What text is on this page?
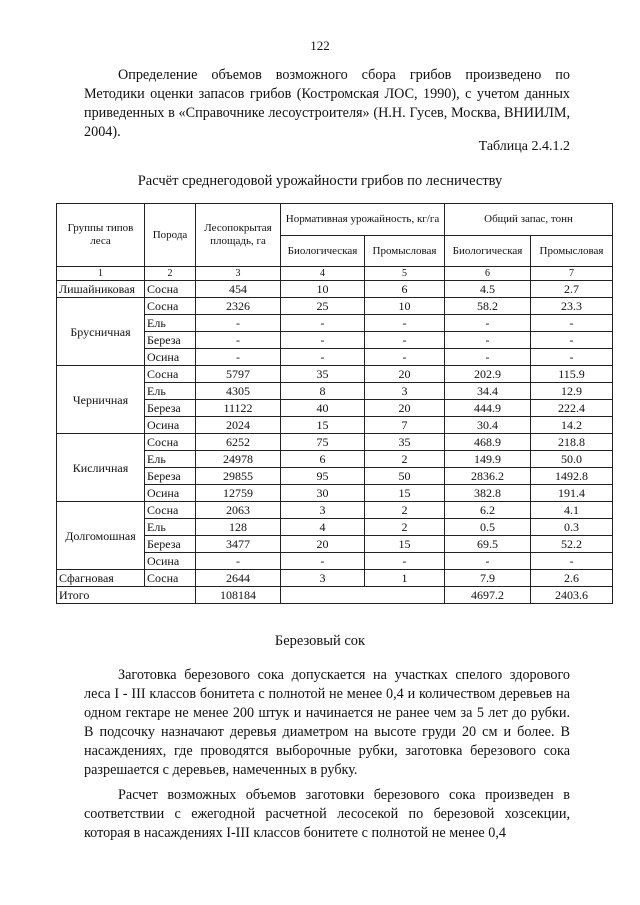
122

Определение объемов возможного сбора грибов произведено по Методики оценки запасов грибов (Костромская ЛОС, 1990), с учетом данных приведенных в «Справочнике лесоустроителя» (Н.Н. Гусев, Москва, ВНИИЛМ, 2004).

Таблица 2.4.1.2
Расчёт среднегодовой урожайности грибов по лесничеству
Группы типов леса	Порода	Лесопокрытая площадь, га	Нормативная урожайность, кг/га		Общий запас, тонн	
			Биологическая	Промысловая	Биологическая	Промысловая
1	2	3	4	5	6	7
Лишайниковая	Сосна	454	10	6	4.5	2.7
Брусничная	Сосна	2326	25	10	58.2	23.3
	Ель	-	-	-	-	-
	Береза	-	-	-	-	-
	Осина	-	-	-	-	-
Черничная	Сосна	5797	35	20	202.9	115.9
	Ель	4305	8	3	34.4	12.9
	Береза	11122	40	20	444.9	222.4
	Осина	2024	15	7	30.4	14.2
Кисличная	Сосна	6252	75	35	468.9	218.8
	Ель	24978	6	2	149.9	50.0
	Береза	29855	95	50	2836.2	1492.8
	Осина	12759	30	15	382.8	191.4
Долгомошная	Сосна	2063	3	2	6.2	4.1
	Ель	128	4	2	0.5	0.3
	Береза	3477	20	15	69.5	52.2
	Осина	-	-	-	-	-
Сфагновая	Сосна	2644	3	1	7.9	2.6
Итого		108184			4697.2	2403.6
Березовый сок

Заготовка березового сока допускается на участках спелого здорового леса I - III классов бонитета с полнотой не менее 0,4 и количеством деревьев на одном гектаре не менее 200 штук и начинается не ранее чем за 5 лет до рубки. В подсочку назначают деревья диаметром на высоте груди 20 см и более. В насаждениях, где проводятся выборочные рубки, заготовка березового сока разрешается с деревьев, намеченных в рубку.

Расчет возможных объемов заготовки березового сока произведен в соответствии с ежегодной расчетной лесосекой по березовой хозсекции, которая в насаждениях I-III классов бонитете с полнотой не менее 0,4
